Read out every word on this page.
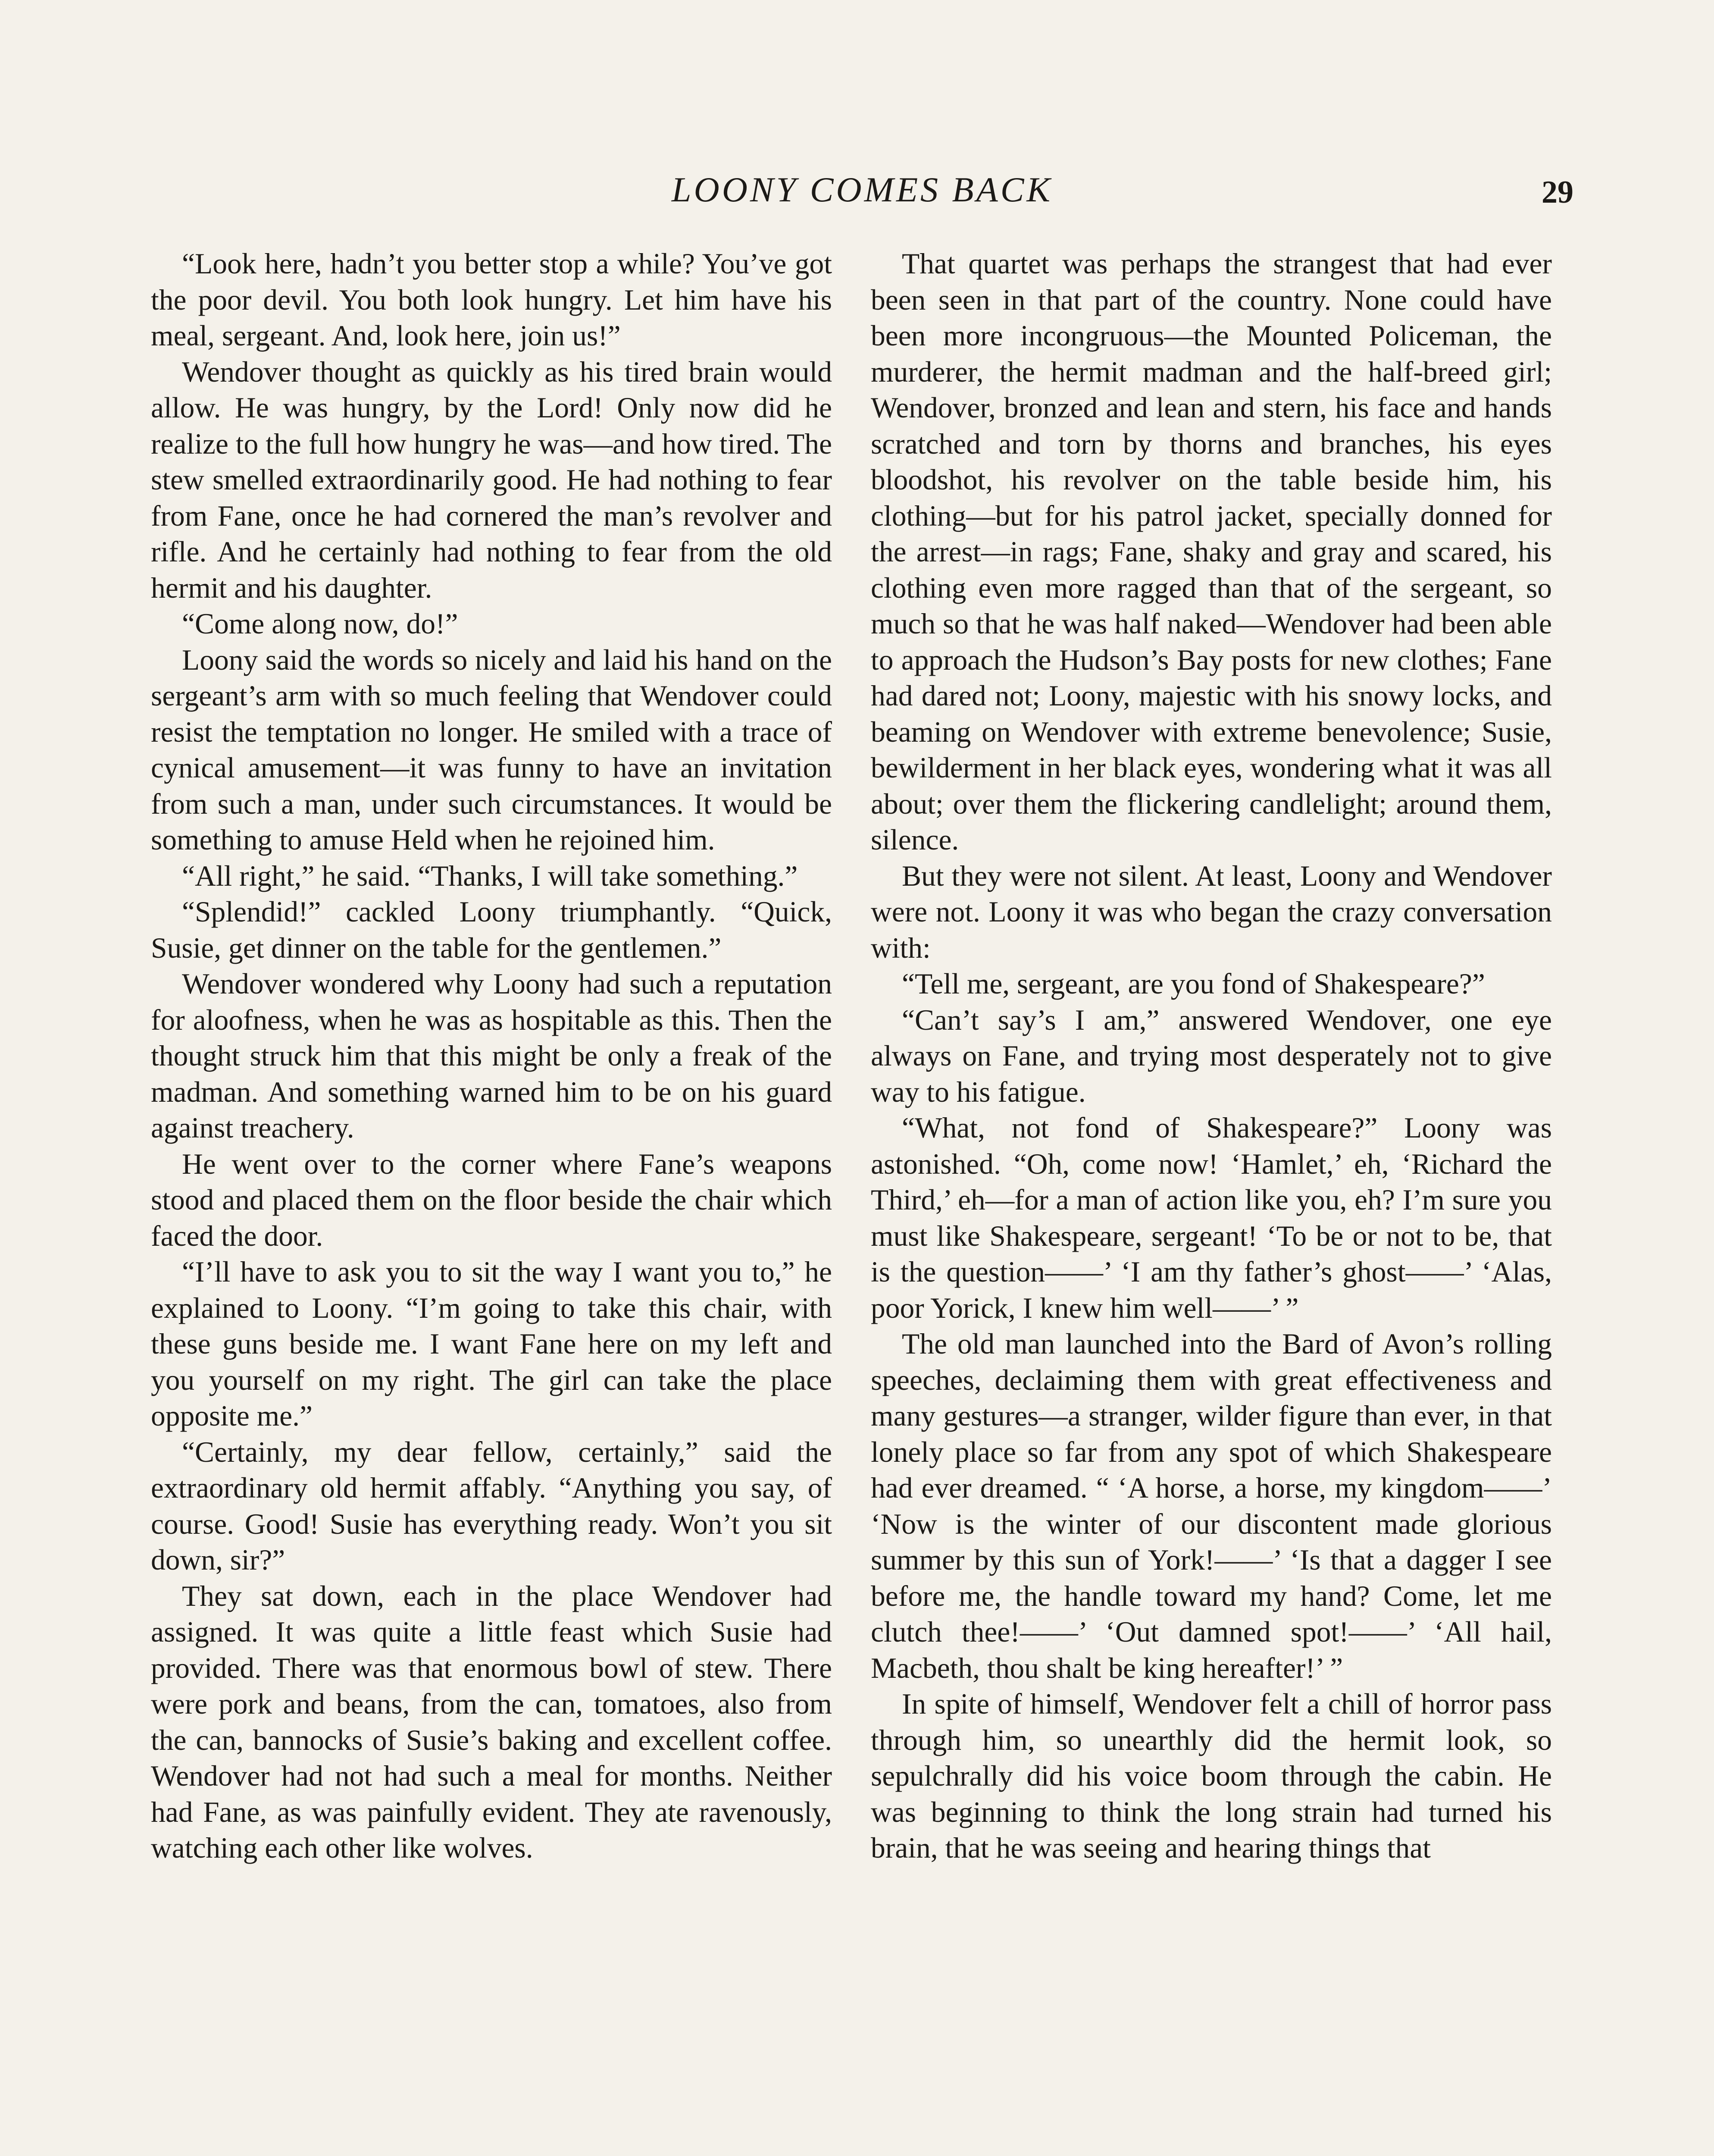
LOONY COMES BACK	29

“Look here, hadn’t you better stop a while? You’ve got the poor devil. You both look hungry. Let him have his meal, sergeant. And, look here, join us!”

Wendover thought as quickly as his tired brain would allow. He was hungry, by the Lord! Only now did he realize to the full how hungry he was—and how tired. The stew smelled extraordinarily good. He had nothing to fear from Fane, once he had cornered the man’s revolver and rifle. And he certainly had nothing to fear from the old hermit and his daughter.

“Come along now, do!”

Loony said the words so nicely and laid his hand on the sergeant’s arm with so much feeling that Wendover could resist the temptation no longer. He smiled with a trace of cynical amusement—it was funny to have an invitation from such a man, under such circumstances. It would be something to amuse Held when he rejoined him.

“All right,” he said. “Thanks, I will take something.”

“Splendid!” cackled Loony triumphantly. “Quick, Susie, get dinner on the table for the gentlemen.”

Wendover wondered why Loony had such a reputation for aloofness, when he was as hospitable as this. Then the thought struck him that this might be only a freak of the madman. And something warned him to be on his guard against treachery.

He went over to the corner where Fane’s weapons stood and placed them on the floor beside the chair which faced the door.

“I’ll have to ask you to sit the way I want you to,” he explained to Loony. “I’m going to take this chair, with these guns beside me. I want Fane here on my left and you yourself on my right. The girl can take the place opposite me.”

“Certainly, my dear fellow, certainly,” said the extraordinary old hermit affably. “Anything you say, of course. Good! Susie has everything ready. Won’t you sit down, sir?”

They sat down, each in the place Wendover had assigned. It was quite a little feast which Susie had provided. There was that enormous bowl of stew. There were pork and beans, from the can, tomatoes, also from the can, bannocks of Susie’s baking and excellent coffee. Wendover had not had such a meal for months. Neither had Fane, as was painfully evident. They ate ravenously, watching each other like wolves.

That quartet was perhaps the strangest that had ever been seen in that part of the country. None could have been more incongruous—the Mounted Policeman, the murderer, the hermit madman and the half-breed girl; Wendover, bronzed and lean and stern, his face and hands scratched and torn by thorns and branches, his eyes bloodshot, his revolver on the table beside him, his clothing—but for his patrol jacket, specially donned for the arrest—in rags; Fane, shaky and gray and scared, his clothing even more ragged than that of the sergeant, so much so that he was half naked—Wendover had been able to approach the Hudson’s Bay posts for new clothes; Fane had dared not; Loony, majestic with his snowy locks, and beaming on Wendover with extreme benevolence; Susie, bewilderment in her black eyes, wondering what it was all about; over them the flickering candlelight; around them, silence.

But they were not silent. At least, Loony and Wendover were not. Loony it was who began the crazy conversation with:

“Tell me, sergeant, are you fond of Shakespeare?”

“Can’t say’s I am,” answered Wendover, one eye always on Fane, and trying most desperately not to give way to his fatigue.

“What, not fond of Shakespeare?” Loony was astonished. “Oh, come now! ‘Hamlet,’ eh, ‘Richard the Third,’ eh—for a man of action like you, eh? I’m sure you must like Shakespeare, sergeant! ‘To be or not to be, that is the question——’ ‘I am thy father’s ghost——’ ‘Alas, poor Yorick, I knew him well——’ ”

The old man launched into the Bard of Avon’s rolling speeches, declaiming them with great effectiveness and many gestures—a stranger, wilder figure than ever, in that lonely place so far from any spot of which Shakespeare had ever dreamed. “ ‘A horse, a horse, my kingdom——’ ‘Now is the winter of our discontent made glorious summer by this sun of York!——’ ‘Is that a dagger I see before me, the handle toward my hand? Come, let me clutch thee!——’ ‘Out damned spot!——’ ‘All hail, Macbeth, thou shalt be king hereafter!’ ”

In spite of himself, Wendover felt a chill of horror pass through him, so unearthly did the hermit look, so sepulchrally did his voice boom through the cabin. He was beginning to think the long strain had turned his brain, that he was seeing and hearing things that
